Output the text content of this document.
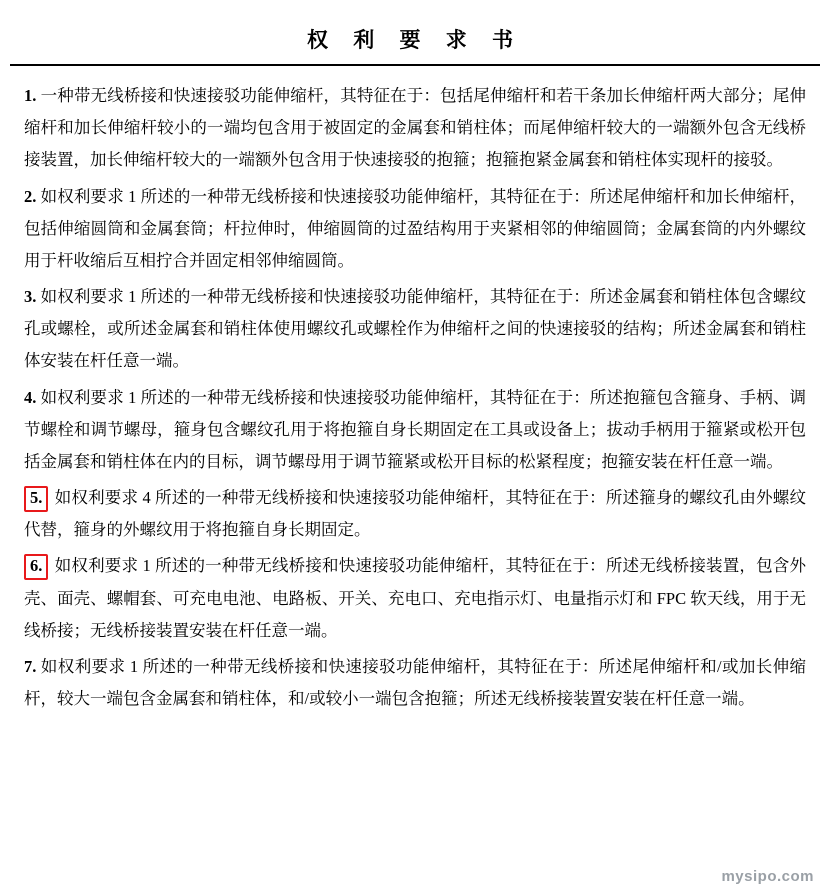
权 利 要 求 书

1. 一种带无线桥接和快速接驳功能伸缩杆，其特征在于：包括尾伸缩杆和若干条加长伸缩杆两大部分；尾伸缩杆和加长伸缩杆较小的一端均包含用于被固定的金属套和销柱体；而尾伸缩杆较大的一端额外包含无线桥接装置，加长伸缩杆较大的一端额外包含用于快速接驳的抱箍；抱箍抱紧金属套和销柱体实现杆的接驳。

2. 如权利要求 1 所述的一种带无线桥接和快速接驳功能伸缩杆，其特征在于：所述尾伸缩杆和加长伸缩杆，包括伸缩圆筒和金属套筒；杆拉伸时，伸缩圆筒的过盈结构用于夹紧相邻的伸缩圆筒；金属套筒的内外螺纹用于杆收缩后互相拧合并固定相邻伸缩圆筒。

3. 如权利要求 1 所述的一种带无线桥接和快速接驳功能伸缩杆，其特征在于：所述金属套和销柱体包含螺纹孔或螺栓，或所述金属套和销柱体使用螺纹孔或螺栓作为伸缩杆之间的快速接驳的结构；所述金属套和销柱体安装在杆任意一端。

4. 如权利要求 1 所述的一种带无线桥接和快速接驳功能伸缩杆，其特征在于：所述抱箍包含箍身、手柄、调节螺栓和调节螺母，箍身包含螺纹孔用于将抱箍自身长期固定在工具或设备上；拔动手柄用于箍紧或松开包括金属套和销柱体在内的目标，调节螺母用于调节箍紧或松开目标的松紧程度；抱箍安装在杆任意一端。

5. 如权利要求 4 所述的一种带无线桥接和快速接驳功能伸缩杆，其特征在于：所述箍身的螺纹孔由外螺纹代替，箍身的外螺纹用于将抱箍自身长期固定。

6. 如权利要求 1 所述的一种带无线桥接和快速接驳功能伸缩杆，其特征在于：所述无线桥接装置，包含外壳、面壳、螺帽套、可充电电池、电路板、开关、充电口、充电指示灯、电量指示灯和 FPC 软天线，用于无线桥接；无线桥接装置安装在杆任意一端。

7. 如权利要求 1 所述的一种带无线桥接和快速接驳功能伸缩杆，其特征在于：所述尾伸缩杆和/或加长伸缩杆，较大一端包含金属套和销柱体，和/或较小一端包含抱箍；所述无线桥接装置安装在杆任意一端。

mysipo.com
